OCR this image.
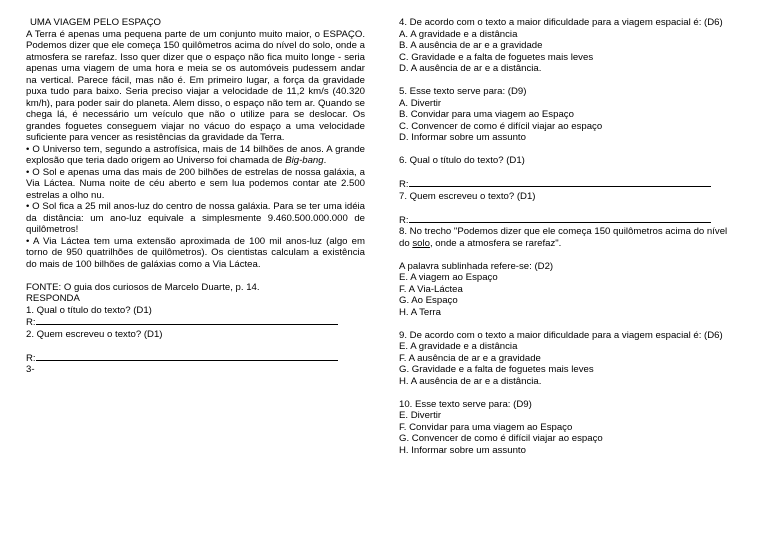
UMA VIAGEM PELO ESPAÇO

A Terra é apenas uma pequena parte de um conjunto muito maior, o ESPAÇO. Podemos dizer que ele começa 150 quilômetros acima do nível do solo, onde a atmosfera se rarefaz. Isso quer dizer que o espaço não fica muito longe - seria apenas uma viagem de uma hora e meia se os automóveis pudessem andar na vertical. Parece fácil, mas não é. Em primeiro lugar, a força da gravidade puxa tudo para baixo. Seria preciso viajar a velocidade de 11,2 km/s (40.320 km/h), para poder sair do planeta. Alem disso, o espaço não tem ar. Quando se chega lá, é necessário um veículo que não o utilize para se deslocar. Os grandes foguetes conseguem viajar no vácuo do espaço a uma velocidade suficiente para vencer as resistências da gravidade da Terra.

• O Universo tem, segundo a astrofísica, mais de 14 bilhões de anos. A grande explosão que teria dado origem ao Universo foi chamada de Big-bang.

• O Sol e apenas uma das mais de 200 bilhões de estrelas de nossa galáxia, a Via Láctea. Numa noite de céu aberto e sem lua podemos contar ate 2.500 estrelas a olho nu.

• O Sol fica a 25 mil anos-luz do centro de nossa galáxia. Para se ter uma idéia da distância: um ano-luz equivale a simplesmente 9.460.500.000.000 de quilômetros!

• A Via Láctea tem uma extensão aproximada de 100 mil anos-luz (algo em torno de 950 quatrilhões de quilômetros). Os cientistas calculam a existência do mais de 100 bilhões de galáxias como a Via Láctea.

FONTE: O guia dos curiosos de Marcelo Duarte, p. 14.

RESPONDA

1. Qual o título do texto? (D1)

R:

2. Quem escreveu o texto? (D1)

R:

3-

4. De acordo com o texto a maior dificuldade para a viagem espacial é: (D6)

A. A gravidade e a distância

B. A ausência de ar e a gravidade

C. Gravidade e a falta de foguetes mais leves

D. A ausência de ar e a distância.

5. Esse texto serve para: (D9)

A. Divertir

B. Convidar para uma viagem ao Espaço

C. Convencer de como é difícil viajar ao espaço

D. Informar sobre um assunto

6. Qual o título do texto? (D1)

R:

7. Quem escreveu o texto? (D1)

R:

8. No trecho "Podemos dizer que ele começa 150 quilômetros acima do nível do solo, onde a atmosfera se rarefaz".

A palavra sublinhada refere-se: (D2)

E. A viagem ao Espaço

F. A Via-Láctea

G. Ao Espaço

H. A Terra

9. De acordo com o texto a maior dificuldade para a viagem espacial é: (D6)

E. A gravidade e a distância

F. A ausência de ar e a gravidade

G. Gravidade e a falta de foguetes mais leves

H. A ausência de ar e a distância.

10. Esse texto serve para: (D9)

E. Divertir

F. Convidar para uma viagem ao Espaço

G. Convencer de como é difícil viajar ao espaço

H. Informar sobre um assunto
